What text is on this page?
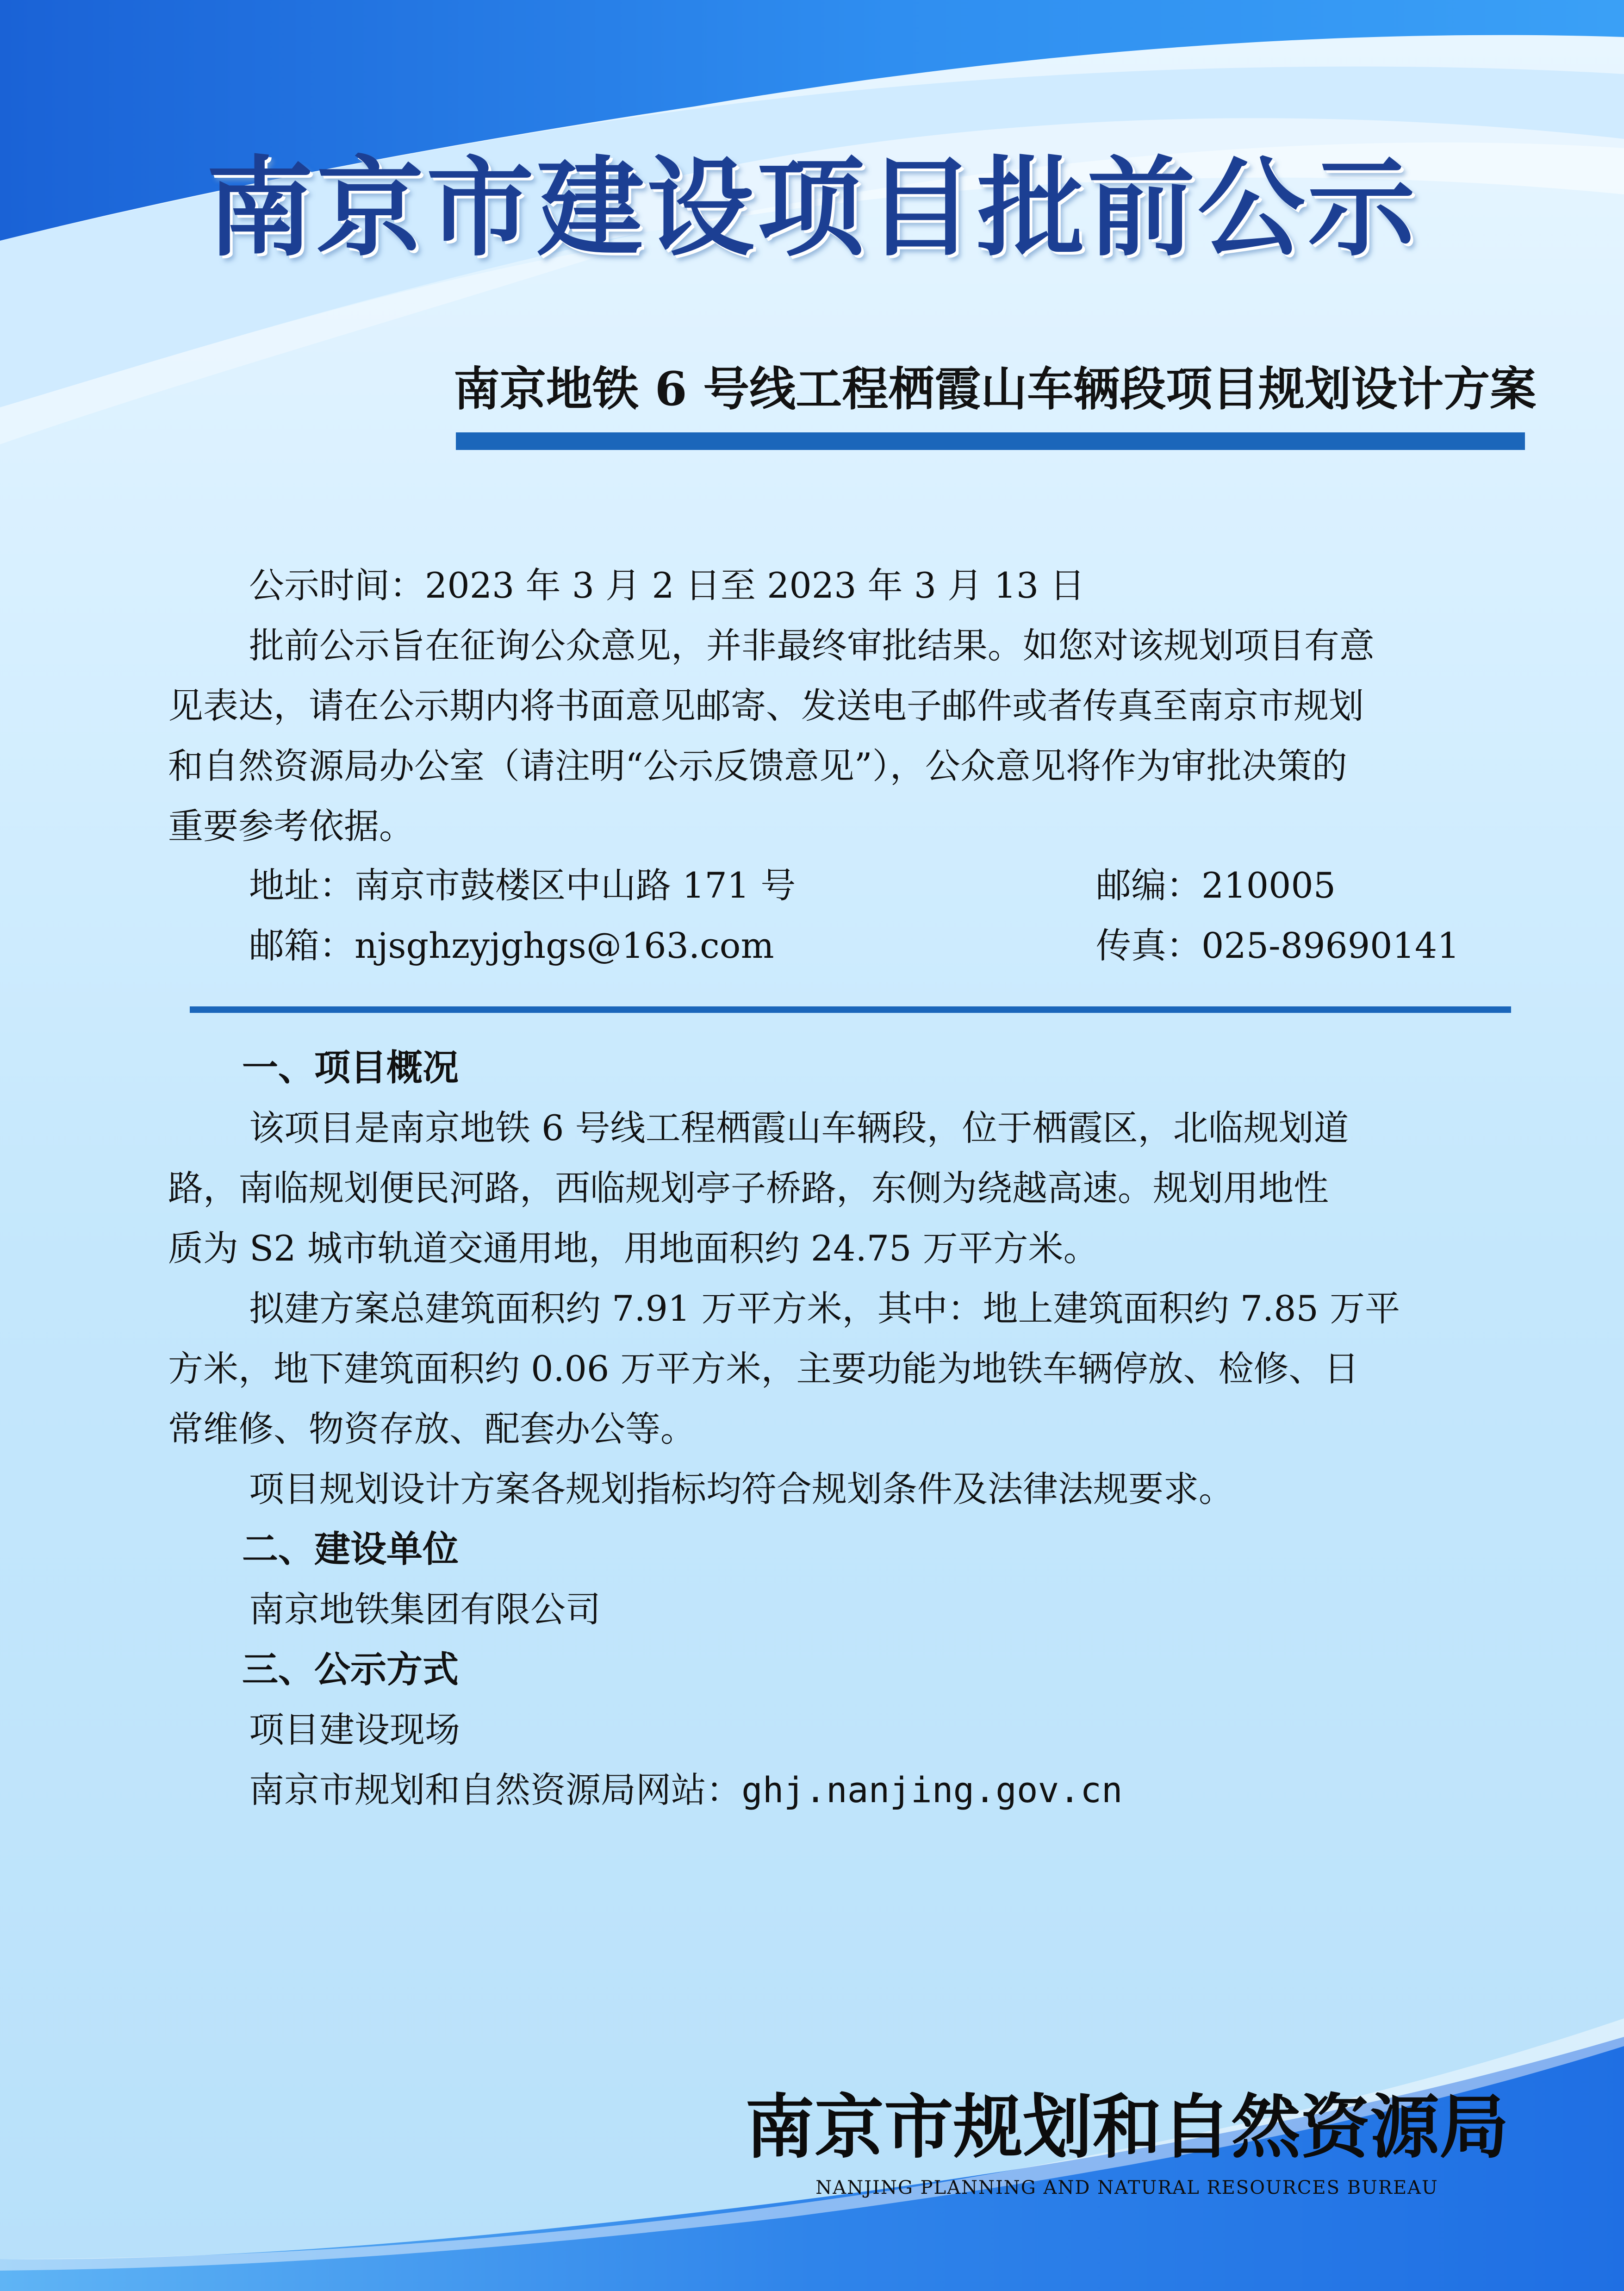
南京市建设项目批前公示
南京地铁 6 号线工程栖霞山车辆段项目规划设计方案

公示时间：2023 年 3 月 2 日至 2023 年 3 月 13 日

批前公示旨在征询公众意见，并非最终审批结果。如您对该规划项目有意

见表达，请在公示期内将书面意见邮寄、发送电子邮件或者传真至南京市规划

和自然资源局办公室（请注明“公示反馈意见”），公众意见将作为审批决策的

重要参考依据。

地址：南京市鼓楼区中山路 171 号	邮编：210005
邮箱：njsghzyjghgs@163.com	传真：025-89690141

一、项目概况

该项目是南京地铁 6 号线工程栖霞山车辆段，位于栖霞区，北临规划道

路，南临规划便民河路，西临规划亭子桥路，东侧为绕越高速。规划用地性

质为 S2 城市轨道交通用地，用地面积约 24.75 万平方米。

拟建方案总建筑面积约 7.91 万平方米，其中：地上建筑面积约 7.85 万平

方米，地下建筑面积约 0.06 万平方米，主要功能为地铁车辆停放、检修、日

常维修、物资存放、配套办公等。

项目规划设计方案各规划指标均符合规划条件及法律法规要求。

二、建设单位

南京地铁集团有限公司

三、公示方式

项目建设现场

南京市规划和自然资源局网站：ghj.nanjing.gov.cn

南京市规划和自然资源局
NANJING PLANNING AND NATURAL RESOURCES BUREAU
